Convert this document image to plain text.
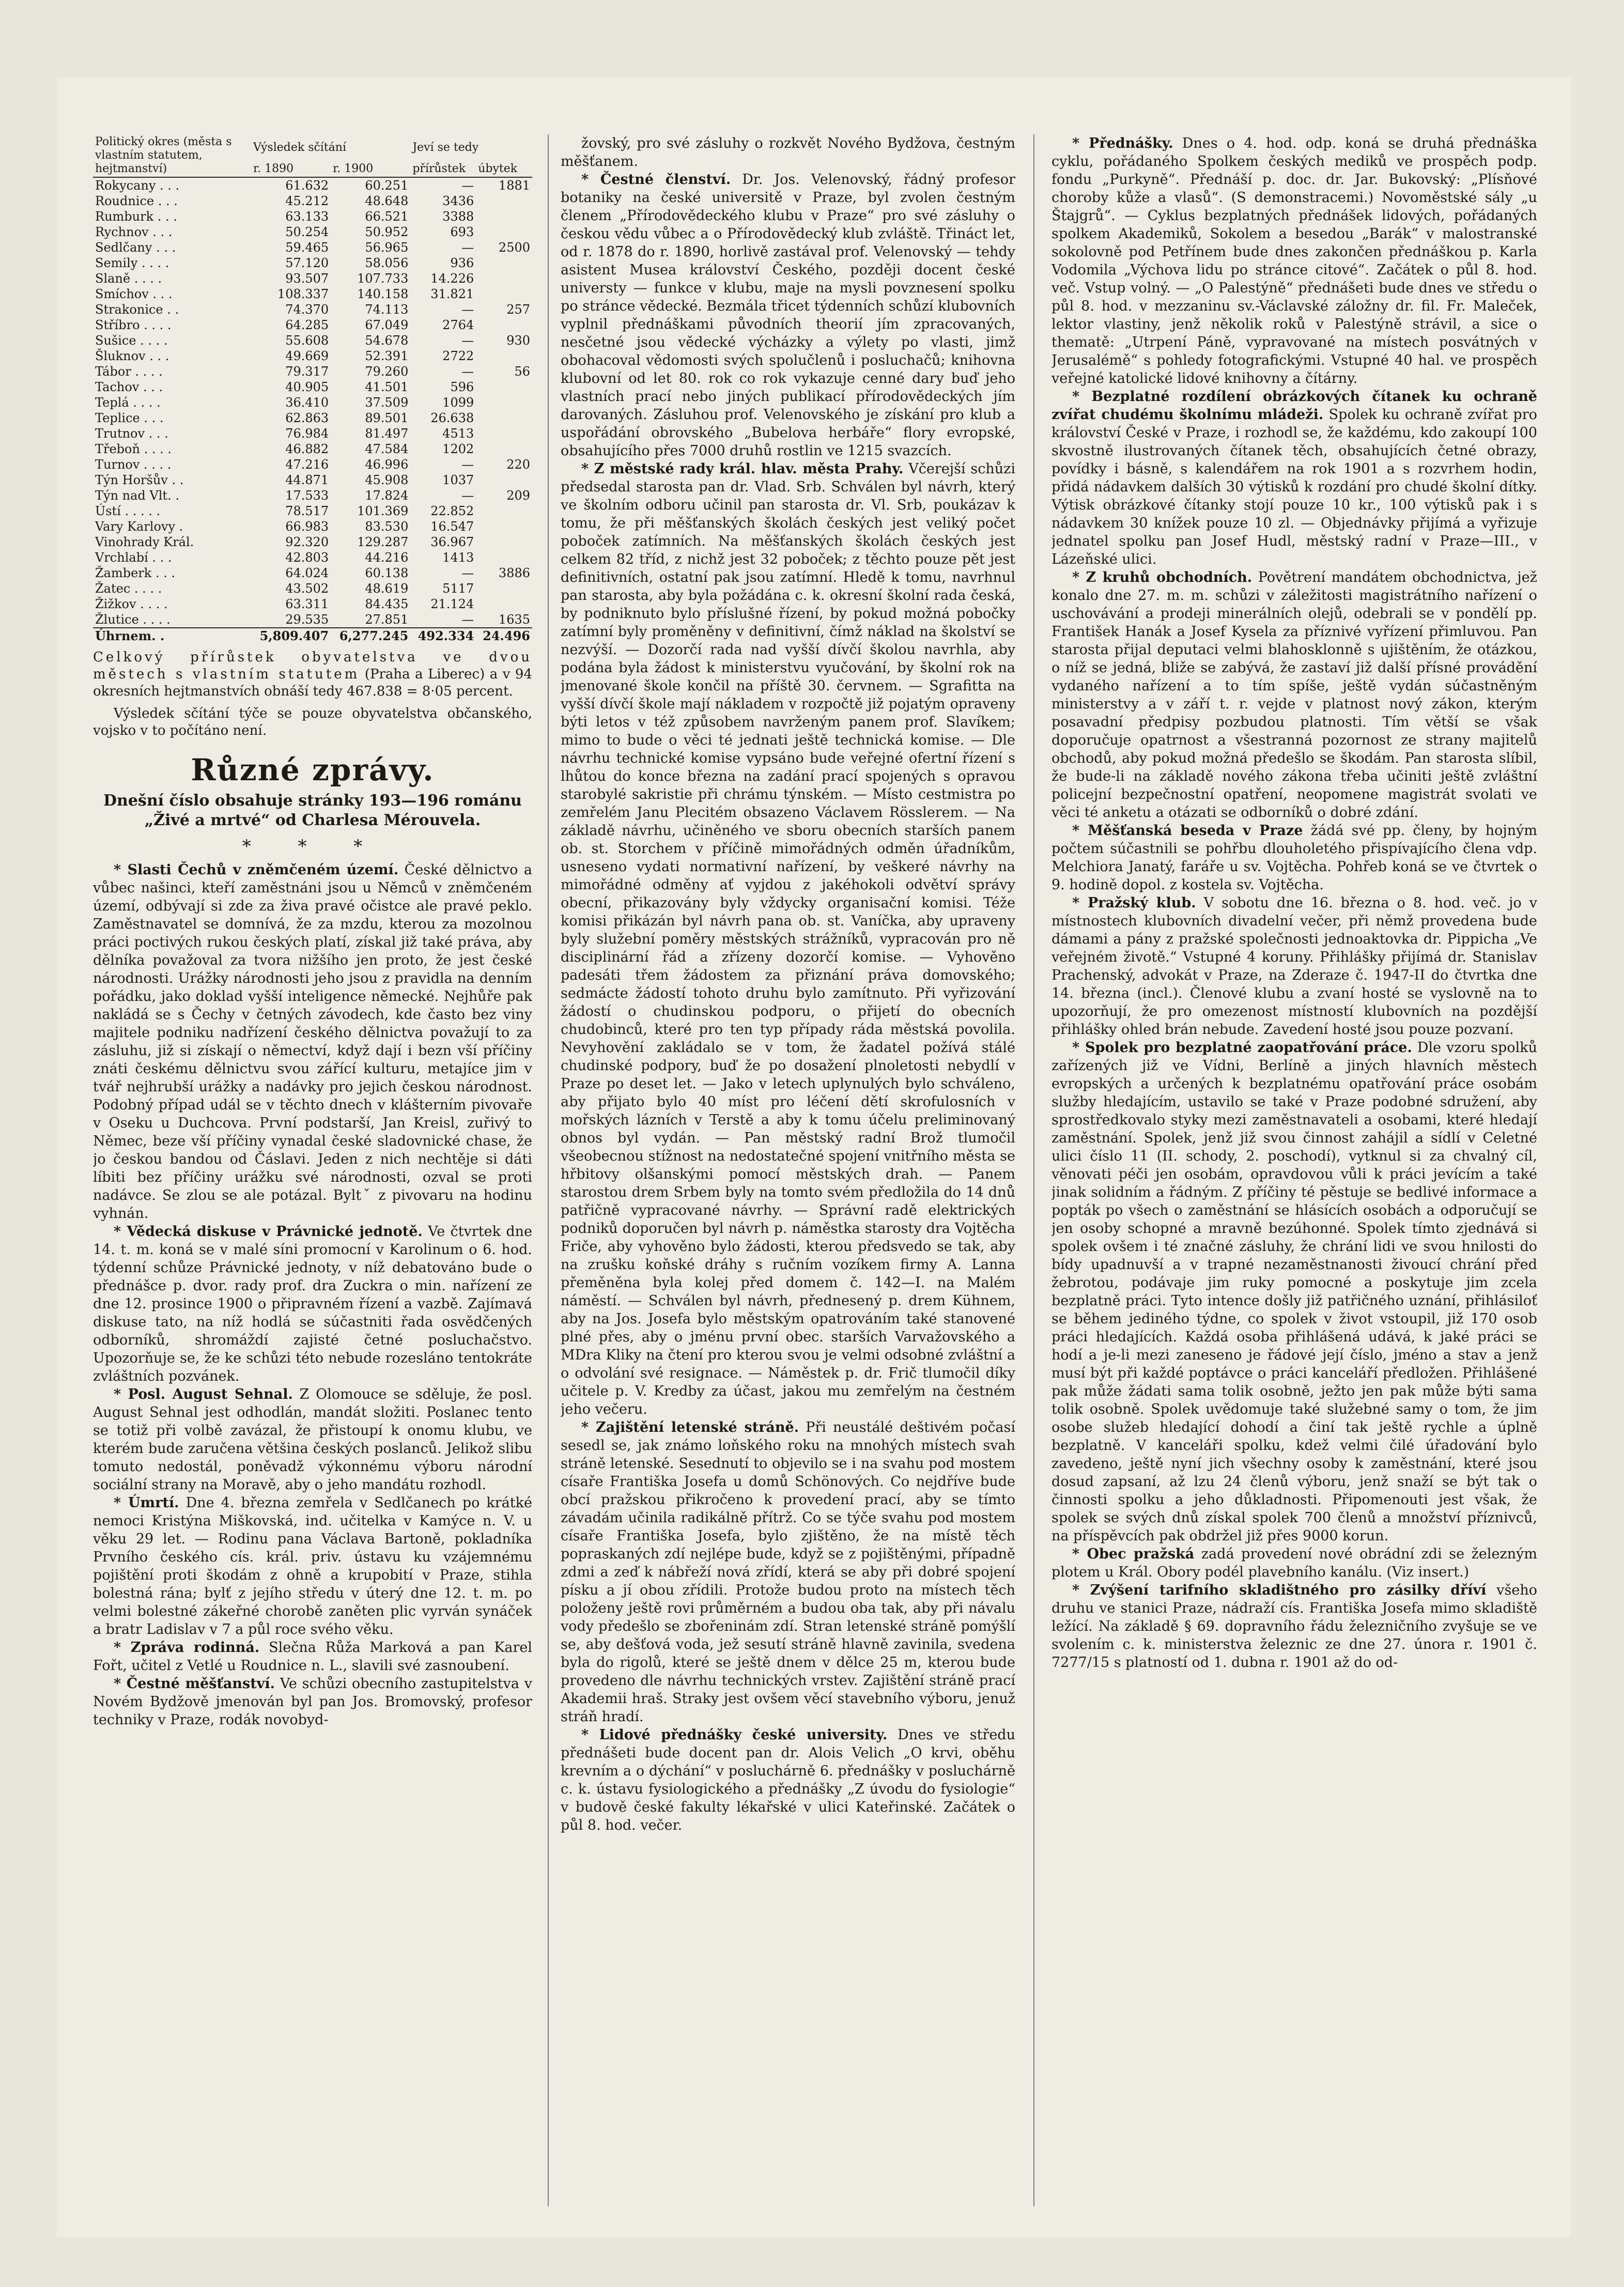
Politický okres (města s vlastním statutem, hejtmanství)	Výsledek sčítání		Jeví se tedy	
	r. 1890	r. 1900	přírůstek	úbytek
Rokycany . . .	61.632	60.251	—	1881
Roudnice . . .	45.212	48.648	3436	
Rumburk . . .	63.133	66.521	3388	
Rychnov . . .	50.254	50.952	693	
Sedlčany . . .	59.465	56.965	—	2500
Semily . . . .	57.120	58.056	936	
Slaně . . . .	93.507	107.733	14.226	
Smíchov . . .	108.337	140.158	31.821	
Strakonice . .	74.370	74.113	—	257
Stříbro . . . .	64.285	67.049	2764	
Sušice . . . .	55.608	54.678	—	930
Šluknov . . .	49.669	52.391	2722	
Tábor . . . .	79.317	79.260	—	56
Tachov . . .	40.905	41.501	596	
Teplá . . . .	36.410	37.509	1099	
Teplice . . .	62.863	89.501	26.638	
Trutnov . . .	76.984	81.497	4513	
Třeboň . . . .	46.882	47.584	1202	
Turnov . . . .	47.216	46.996	—	220
Týn Horšův . .	44.871	45.908	1037	
Týn nad Vlt. .	17.533	17.824	—	209
Ústí . . . . .	78.517	101.369	22.852	
Vary Karlovy .	66.983	83.530	16.547	
Vinohrady Král.	92.320	129.287	36.967	
Vrchlabí . . .	42.803	44.216	1413	
Žamberk . . .	64.024	60.138	—	3886
Žatec . . . .	43.502	48.619	5117	
Žižkov . . . .	63.311	84.435	21.124	
Žlutice . . . .	29.535	27.851	—	1635
Úhrnem. .	5,809.407	6,277.245	492.334	24.496
Celkový přírůstek obyvatelstva ve dvou městech s vlastním statutem (Praha a Liberec) a v 94 okresních hejtmanstvích obnáší tedy 467.838 = 8·05 percent.
Výsledek sčítání týče se pouze obyvatelstva občanského, vojsko v to počítáno není.
Různé zprávy.
Dnešní číslo obsahuje stránky 193—196 románu „Živé a mrtvé“ od Charlesa Mérouvela.
* * *

* Slasti Čechů v zněmčeném území. České dělnictvo a vůbec našinci, kteří zaměstnáni jsou u Němců v zněmčeném území, odbývají si zde za živa pravé očistce ale pravé peklo. Zaměstnavatel se domnívá, že za mzdu, kterou za mozolnou práci poctivých rukou českých platí, získal již také práva, aby dělníka považoval za tvora nižšího jen proto, že jest české národnosti. Urážky národnosti jeho jsou z pravidla na denním pořádku, jako doklad vyšší inteligence německé. Nejhůře pak nakládá se s Čechy v četných závodech, kde často bez viny majitele podniku nadřízení českého dělnictva považují to za zásluhu, již si získají o němectví, když dají i bezn vší příčiny znáti českému dělnictvu svou zářící kulturu, metajíce jim v tvář nejhrubší urážky a nadávky pro jejich českou národnost. Podobný případ udál se v těchto dnech v klášterním pivovaře v Oseku u Duchcova. První podstarší, Jan Kreisl, zuřivý to Němec, beze vší příčiny vynadal české sladovnické chase, že jo českou bandou od Čáslavi. Jeden z nich nechtěje si dáti líbiti bez příčiny urážku své národnosti, ozval se proti nadávce. Se zlou se ale potázal. Byltˇ z pivovaru na hodinu vyhnán.

* Vědecká diskuse v Právnické jednotě. Ve čtvrtek dne 14. t. m. koná se v malé síni promocní v Karolinum o 6. hod. týdenní schůze Právnické jednoty, v níž debatováno bude o přednášce p. dvor. rady prof. dra Zuckra o min. nařízení ze dne 12. prosince 1900 o připravném řízení a vazbě. Zajímavá diskuse tato, na níž hodlá se súčastniti řada osvědčených odborníků, shromáždí zajisté četné posluchačstvo. Upozorňuje se, že ke schůzi této nebude rozesláno tentokráte zvláštních pozvánek.

* Posl. August Sehnal. Z Olomouce se sděluje, že posl. August Sehnal jest odhodlán, mandát složiti. Poslanec tento se totiž při volbě zavázal, že přistoupí k onomu klubu, ve kterém bude zaručena většina českých poslanců. Jelikož slibu tomuto nedostál, poněvadž výkonnému výboru národní sociální strany na Moravě, aby o jeho mandátu rozhodl.

* Úmrtí. Dne 4. března zemřela v Sedlčanech po krátké nemoci Kristýna Miškovská, ind. učitelka v Kamýce n. V. u věku 29 let. — Rodinu pana Václava Bartoně, pokladníka Prvního českého cís. král. priv. ústavu ku vzájemnému pojištění proti škodám z ohně a krupobití v Praze, stihla bolestná rána; bylť z jejího středu v úterý dne 12. t. m. po velmi bolestné zákeřné chorobě zaněten plic vyrván synáček a bratr Ladislav v 7 a půl roce svého věku.

* Zpráva rodinná. Slečna Růža Marková a pan Karel Fořt, učitel z Vetlé u Roudnice n. L., slavili své zasnoubení.

* Čestné měšťanství. Ve schůzi obecního zastupitelstva v Novém Bydžově jmenován byl pan Jos. Bromovský, profesor techniky v Praze, rodák novobyd-

žovský, pro své zásluhy o rozkvět Nového Bydžova, čestným měšťanem.

* Čestné členství. Dr. Jos. Velenovský, řádný profesor botaniky na české universitě v Praze, byl zvolen čestným členem „Přírodovědeckého klubu v Praze“ pro své zásluhy o českou vědu vůbec a o Přírodovědecký klub zvláště. Třináct let, od r. 1878 do r. 1890, horlivě zastával prof. Velenovský — tehdy asistent Musea království Českého, později docent české universty — funkce v klubu, maje na mysli povznesení spolku po stránce vědecké. Bezmála třicet týdenních schůzí klubovních vyplnil přednáškami původních theorií jím zpracovaných, nesčetné jsou vědecké výcházky a výlety po vlasti, jimž obohacoval vědomosti svých spolučlenů i posluchačů; knihovna klubovní od let 80. rok co rok vykazuje cenné dary buď jeho vlastních prací nebo jiných publikací přírodovědeckých jím darovaných. Zásluhou prof. Velenovského je získání pro klub a uspořádání obrovského „Bubelova herbáře“ flory evropské, obsahujícího přes 7000 druhů rostlin ve 1215 svazcích.

* Z městské rady král. hlav. města Prahy. Včerejší schůzi předsedal starosta pan dr. Vlad. Srb. Schválen byl návrh, který ve školním odboru učinil pan starosta dr. Vl. Srb, poukázav k tomu, že při měšťanských školách českých jest veliký počet poboček zatímních. Na měšťanských školách českých jest celkem 82 tříd, z nichž jest 32 poboček; z těchto pouze pět jest definitivních, ostatní pak jsou zatímní. Hledě k tomu, navrhnul pan starosta, aby byla požádána c. k. okresní školní rada česká, by podniknuto bylo příslušné řízení, by pokud možná pobočky zatímní byly proměněny v definitivní, čímž náklad na školství se nezvýší. — Dozorčí rada nad vyšší dívčí školou navrhla, aby podána byla žádost k ministerstvu vyučování, by školní rok na jmenované škole končil na příště 30. červnem. — Sgrafitta na vyšší dívčí škole mají nákladem v rozpočtě již pojatým opraveny býti letos v též způsobem navrženým panem prof. Slavíkem; mimo to bude o věci té jednati ještě technická komise. — Dle návrhu technické komise vypsáno bude veřejné ofertní řízení s lhůtou do konce března na zadání prací spojených s opravou starobylé sakristie při chrámu týnském. — Místo cestmistra po zemřelém Janu Plecitém obsazeno Václavem Rösslerem. — Na základě návrhu, učiněného ve sboru obecních starších panem ob. st. Storchem v příčině mimořádných odměn úřadníkům, usneseno vydati normativní nařízení, by veškeré návrhy na mimořádné odměny ať vyjdou z jakéhokoli odvětví správy obecní, přikazovány byly vždycky organisační komisi. Téže komisi přikázán byl návrh pana ob. st. Vaníčka, aby upraveny byly služební poměry městských strážníků, vypracován pro ně disciplinární řád a zřízeny dozorčí komise. — Vyhověno padesáti třem žádostem za přiznání práva domovského; sedmácte žádostí tohoto druhu bylo zamítnuto. Při vyřizování žádostí o chudinskou podporu, o přijetí do obecních chudobinců, které pro ten typ případy ráda městská povolila. Nevyhovění zakládalo se v tom, že žadatel požívá stálé chudinské podpory, buď že po dosažení plnoletosti nebydlí v Praze po deset let. — Jako v letech uplynulých bylo schváleno, aby přijato bylo 40 míst pro léčení dětí skrofulosních v mořských lázních v Terstě a aby k tomu účelu preliminovaný obnos byl vydán. — Pan městský radní Brož tlumočil všeobecnou stížnost na nedostatečné spojení vnitřního města se hřbitovy olšanskými pomocí městských drah. — Panem starostou drem Srbem byly na tomto svém předložila do 14 dnů patřičně vypracované návrhy. — Správní radě elektrických podniků doporučen byl návrh p. náměstka starosty dra Vojtěcha Friče, aby vyhověno bylo žádosti, kterou předsvedo se tak, aby na zrušku koňské dráhy s ručním vozíkem firmy A. Lanna přeměněna byla kolej před domem č. 142—I. na Malém náměstí. — Schválen byl návrh, přednesený p. drem Kühnem, aby na Jos. Josefa bylo městským opatrováním také stanovené plné přes, aby o jménu první obec. starších Varvažovského a MDra Kliky na čtení pro kterou svou je velmi odsobné zvláštní a o odvolání své resignace. — Náměstek p. dr. Frič tlumočil díky učitele p. V. Kredby za účast, jakou mu zemřelým na čestném jeho večeru.

* Zajištění letenské stráně. Při neustálé deštivém počasí sesedl se, jak známo loňského roku na mnohých místech svah stráně letenské. Sesednutí to objevilo se i na svahu pod mostem císaře Františka Josefa u domů Schönových. Co nejdříve bude obcí pražskou přikročeno k provedení prací, aby se tímto závadám učinila radikálně přítrž. Co se týče svahu pod mostem císaře Františka Josefa, bylo zjištěno, že na místě těch popraskaných zdí nejlépe bude, když se z pojištěnými, případně zdmi a zeď k nábřeží nová zřídí, která se aby při dobré spojení písku a jí obou zřídili. Protože budou proto na místech těch položeny ještě rovi průměrném a budou oba tak, aby při návalu vody předešlo se zbořeninám zdí. Stran letenské stráně pomýšlí se, aby dešťová voda, jež sesutí stráně hlavně zavinila, svedena byla do rigolů, které se ještě dnem v dělce 25 m, kterou bude provedeno dle návrhu technických vrstev. Zajištění stráně prací Akademii hraš. Straky jest ovšem věcí stavebního výboru, jenuž stráň hradí.

* Lidové přednášky české university. Dnes ve středu přednášeti bude docent pan dr. Alois Velich „O krvi, oběhu krevním a o dýchání“ v posluchárně 6. přednášky v posluchárně c. k. ústavu fysiologického a přednášky „Z úvodu do fysiologie“ v budově české fakulty lékařské v ulici Kateřinské. Začátek o půl 8. hod. večer.

* Přednášky. Dnes o 4. hod. odp. koná se druhá přednáška cyklu, pořádaného Spolkem českých mediků ve prospěch podp. fondu „Purkyně“. Přednáší p. doc. dr. Jar. Bukovský: „Plísňové choroby kůže a vlasů“. (S demonstracemi.) Novoměstské sály „u Štajgrů“. — Cyklus bezplatných přednášek lidových, pořádaných spolkem Akademiků, Sokolem a besedou „Barák“ v malostranské sokolovně pod Petřínem bude dnes zakončen přednáškou p. Karla Vodomila „Výchova lidu po stránce citové“. Začátek o půl 8. hod. več. Vstup volný. — „O Palestýně“ přednášeti bude dnes ve středu o půl 8. hod. v mezzaninu sv.-Václavské záložny dr. fil. Fr. Maleček, lektor vlastiny, jenž několik roků v Palestýně strávil, a sice o thematě: „Utrpení Páně, vypravované na místech posvátných v Jerusalémě“ s pohledy fotografickými. Vstupné 40 hal. ve prospěch veřejné katolické lidové knihovny a čítárny.

* Bezplatné rozdílení obrázkových čítanek ku ochraně zvířat chudému školnímu mládeži. Spolek ku ochraně zvířat pro království České v Praze, i rozhodl se, že každému, kdo zakoupí 100 skvostně ilustrovaných čítanek těch, obsahujících četné obrazy, povídky i básně, s kalendářem na rok 1901 a s rozvrhem hodin, přidá nádavkem dalších 30 výtisků k rozdání pro chudé školní dítky. Výtisk obrázkové čítanky stojí pouze 10 kr., 100 výtisků pak i s nádavkem 30 knížek pouze 10 zl. — Objednávky přijímá a vyřizuje jednatel spolku pan Josef Hudl, městský radní v Praze—III., v Lázeňské ulici.

* Z kruhů obchodních. Povětrení mandátem obchodnictva, jež konalo dne 27. m. m. schůzi v záležitosti magistrátního nařízení o uschovávání a prodeji minerálních olejů, odebrali se v pondělí pp. František Hanák a Josef Kysela za příznivé vyřízení přimluvou. Pan starosta přijal deputaci velmi blahosklonně s ujištěním, že otázkou, o níž se jedná, bliže se zabývá, že zastaví již další přísné provádění vydaného nařízení a to tím spíše, ještě vydán súčastněným ministerstvy a v září t. r. vejde v platnost nový zákon, kterým posavadní předpisy pozbudou platnosti. Tím větší se však doporučuje opatrnost a všestranná pozornost ze strany majitelů obchodů, aby pokud možná předešlo se škodám. Pan starosta slíbil, že bude-li na základě nového zákona třeba učiniti ještě zvláštní policejní bezpečnostní opatření, neopomene magistrát svolati ve věci té anketu a otázati se odborníků o dobré zdání.

* Měšťanská beseda v Praze žádá své pp. členy, by hojným počtem súčastnili se pohřbu dlouholetého přispívajícího člena vdp. Melchiora Janatý, faráře u sv. Vojtěcha. Pohřeb koná se ve čtvrtek o 9. hodině dopol. z kostela sv. Vojtěcha.

* Pražský klub. V sobotu dne 16. března o 8. hod. več. jo v místnostech klubovních divadelní večer, při němž provedena bude dámami a pány z pražské společnosti jednoaktovka dr. Pippicha „Ve veřejném životě.“ Vstupné 4 koruny. Přihlášky přijímá dr. Stanislav Prachenský, advokát v Praze, na Zderaze č. 1947-II do čtvrtka dne 14. března (incl.). Členové klubu a zvaní hosté se vyslovně na to upozorňují, že pro omezenost místností klubovních na pozdější přihlášky ohled brán nebude. Zavedení hosté jsou pouze pozvaní.

* Spolek pro bezplatné zaopatřování práce. Dle vzoru spolků zařízených již ve Vídni, Berlíně a jiných hlavních městech evropských a určených k bezplatnému opatřování práce osobám služby hledajícím, ustavilo se také v Praze podobné sdružení, aby sprostředkovalo styky mezi zaměstnavateli a osobami, které hledají zaměstnání. Spolek, jenž již svou činnost zahájil a sídlí v Celetné ulici číslo 11 (II. schody, 2. poschodí), vytknul si za chvalný cíl, věnovati péči jen osobám, opravdovou vůli k práci jevícím a také jinak solidním a řádným. Z příčiny té pěstuje se bedlivé informace a popták po všech o zaměstnání se hlásících osobách a odporučují se jen osoby schopné a mravně bezúhonné. Spolek tímto zjednává si spolek ovšem i té značné zásluhy, že chrání lidi ve svou hnilosti do bídy upadnuvší a v trapné nezaměstnanosti živoucí chrání před žebrotou, podávaje jim ruky pomocné a poskytuje jim zcela bezplatně práci. Tyto intence došly již patřičného uznání, přihlásiloť se během jediného týdne, co spolek v život vstoupil, již 170 osob práci hledajících. Každá osoba přihlášená udává, k jaké práci se hodí a je-li mezi zaneseno je řádové její číslo, jméno a stav a jenž musí být při každé poptávce o práci kanceláří předložen. Přihlášené pak může žádati sama tolik osobně, ježto jen pak může býti sama tolik osobně. Spolek uvědomuje také služebné samy o tom, že jim osobe služeb hledající dohodí a činí tak ještě rychle a úplně bezplatně. V kanceláři spolku, kdež velmi čilé úřadování bylo zavedeno, ještě nyní jich všechny osoby k zaměstnání, které jsou dosud zapsaní, až lzu 24 členů výboru, jenž snaží se být tak o činnosti spolku a jeho důkladnosti. Připomenouti jest však, že spolek se svých dnů získal spolek 700 členů a množství příznivců, na příspěvcích pak obdržel již přes 9000 korun.

* Obec pražská zadá provedení nové obrádní zdi se železným plotem u Král. Obory podél plavebního kanálu. (Viz insert.)

* Zvýšení tarifního skladištného pro zásilky dříví všeho druhu ve stanici Praze, nádraží cís. Františka Josefa mimo skladiště ležící. Na základě § 69. dopravního řádu železničního zvyšuje se ve svolením c. k. ministerstva železnic ze dne 27. února r. 1901 č. 7277/15 s platností od 1. dubna r. 1901 až do od-
